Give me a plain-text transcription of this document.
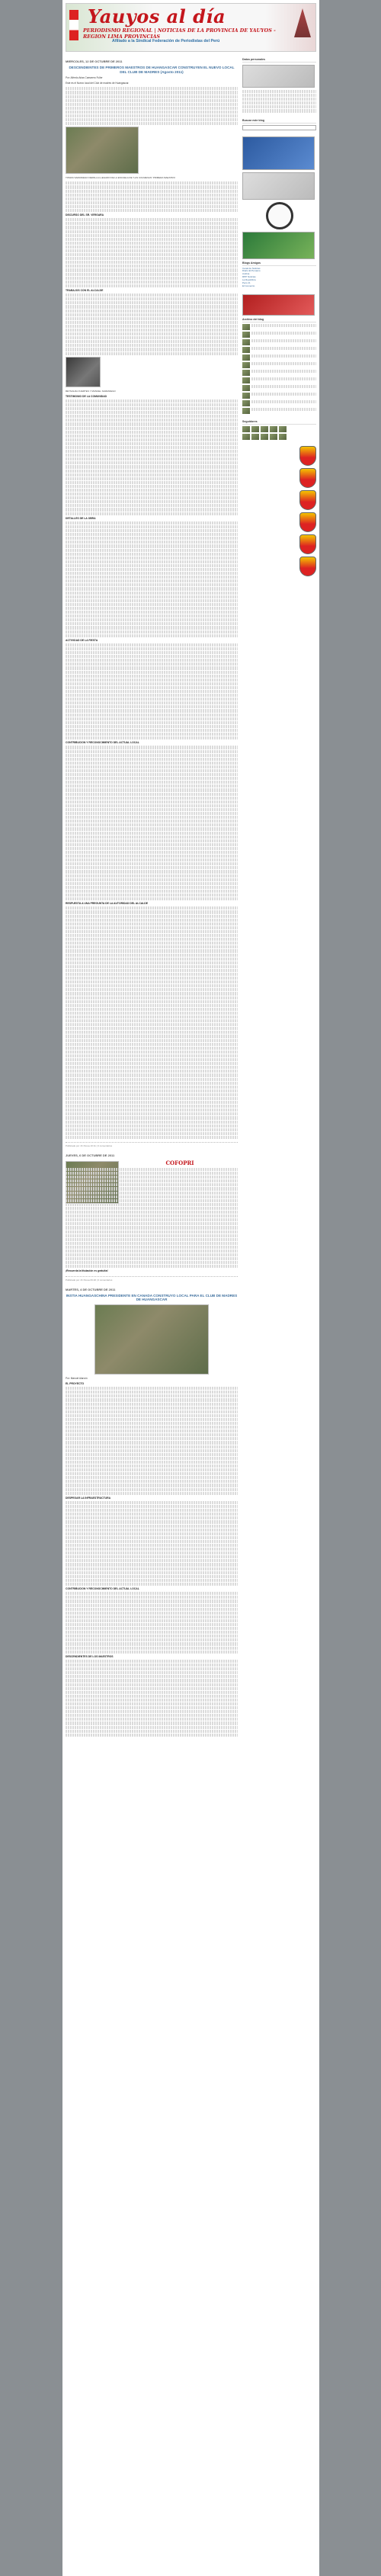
Yauyos al día
PERIODISMO REGIONAL | NOTICIAS DE LA PROVINCIA DE YAUYOS - REGION LIMA PROVINCIAS
Afiliado a la Sindical Federación de Periodistas del Perú
MIERCOLES, 12 DE OCTUBRE DE 2011
DESCENDIENTES DE PRIMEROS MAESTROS DE HUANGASCAR CONSTRUYEN EL NUEVO LOCAL DEL CLUB DE MADRES (Agosto 2011)
Por: Alfredo Arias Camarero Fuller
Este es el Nuevo local del Club de madres de Huangascar.
TOMAS SAMANIEGO DEPALLA LLEGADO DE LA ESCUELA DE "LAS COLMENAS" PRIMERA MAESTRO
DISCURSO DEL SR. VERGARA
TRABAJOS CON EL ALCALDE
REYNALDA FUERTES Y MANUEL SAMANIEGO
TESTIMONIO DE LA COMUNIDAD
DETALLES DE LA OBRA
ACTIVIDAD DE LA FIESTA
CONTRIBUCION Y RECONOCIMIENTO DEL ACTUAL LOCAL
RESPUESTA A UNA PREGUNTA DE LA AUTORIDAD DEL ALCALDE
Publicado por JC Perea 10:11 | 0 comentarios
JUEVES, 6 DE OCTUBRE DE 2011
COFOPRI
¡Recuerda la titulación es gratuita!
Publicado por JC Perea 09:20 | 0 comentarios
MARTES, 4 DE OCTUBRE DE 2011
INSTIA HUANGASCHINA PRESIDENTE EN CANADA CONSTRUYO LOCAL PARA EL CLUB DE MADRES DE HUANGASCAR
Por: Manuel Alarcón
EL PROYECTO
DESPEGAR LA INFRAESTRUCTURA
CONTRIBUCION Y RECONOCIMIENTO DEL ACTUAL LOCAL
DESCENDIENTES DE LOS MAESTROS
Datos personales
Buscar este blog
Blogs Amigos
Canal de Noticias
Diario El Peruano
Andina
RPP Noticias
La República
Perú 21
El Comercio
Archivo del blog
Seguidores
